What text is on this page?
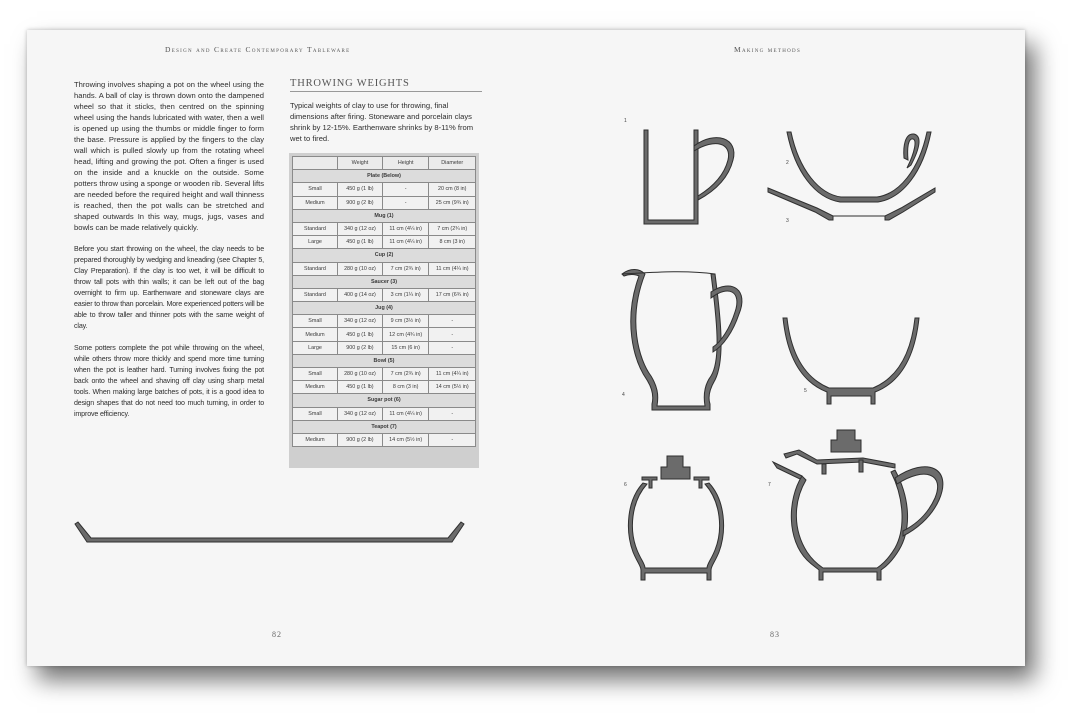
Design and Create Contemporary Tableware

Throwing involves shaping a pot on the wheel using the hands. A ball of clay is thrown down onto the dampened wheel so that it sticks, then centred on the spinning wheel using the hands lubricated with water, then a well is opened up using the thumbs or middle finger to form the base. Pressure is applied by the fingers to the clay wall which is pulled slowly up from the rotating wheel head, lifting and growing the pot. Often a finger is used on the inside and a knuckle on the outside. Some potters throw using a sponge or wooden rib. Several lifts are needed before the required height and wall thinness is reached, then the pot walls can be stretched and shaped outwards In this way, mugs, jugs, vases and bowls can be made relatively quickly.

Before you start throwing on the wheel, the clay needs to be prepared thoroughly by wedging and kneading (see Chapter 5, Clay Preparation). If the clay is too wet, it will be difficult to throw tall pots with thin walls; it can be left out of the bag overnight to firm up. Earthenware and stoneware clays are easier to throw than porcelain. More experienced potters will be able to throw taller and thinner pots with the same weight of clay.

Some potters complete the pot while throwing on the wheel, while others throw more thickly and spend more time turning when the pot is leather hard. Turning involves fixing the pot back onto the wheel and shaving off clay using sharp metal tools. When making large batches of pots, it is a good idea to design shapes that do not need too much turning, in order to improve efficiency.

THROWING WEIGHTS
Typical weights of clay to use for throwing, final dimensions after firing. Stoneware and porcelain clays shrink by 12-15%. Earthenware shrinks by 8-11% from wet to fired.
	Weight	Height	Diameter
Plate (Below)			
Small	450 g (1 lb)	-	20 cm (8 in)
Medium	900 g (2 lb)	-	25 cm (9¾ in)
Mug (1)			
Standard	340 g (12 oz)	11 cm (4¼ in)	7 cm (2¾ in)
Large	450 g (1 lb)	11 cm (4¼ in)	8 cm (3 in)
Cup (2)			
Standard	280 g (10 oz)	7 cm (2¾ in)	11 cm (4¼ in)
Saucer (3)			
Standard	400 g (14 oz)	3 cm (1¼ in)	17 cm (6¾ in)
Jug (4)			
Small	340 g (12 oz)	9 cm (3½ in)	-
Medium	450 g (1 lb)	12 cm (4¾ in)	-
Large	900 g (2 lb)	15 cm (6 in)	-
Bowl (5)			
Small	280 g (10 oz)	7 cm (2¾ in)	11 cm (4¼ in)
Medium	450 g (1 lb)	8 cm (3 in)	14 cm (5½ in)
Sugar pot (6)			
Small	340 g (12 oz)	11 cm (4¼ in)	-
Teapot (7)			
Medium	900 g (2 lb)	14 cm (5½ in)	-
1
2
3
4
5
6	7
82
Making methods
83
